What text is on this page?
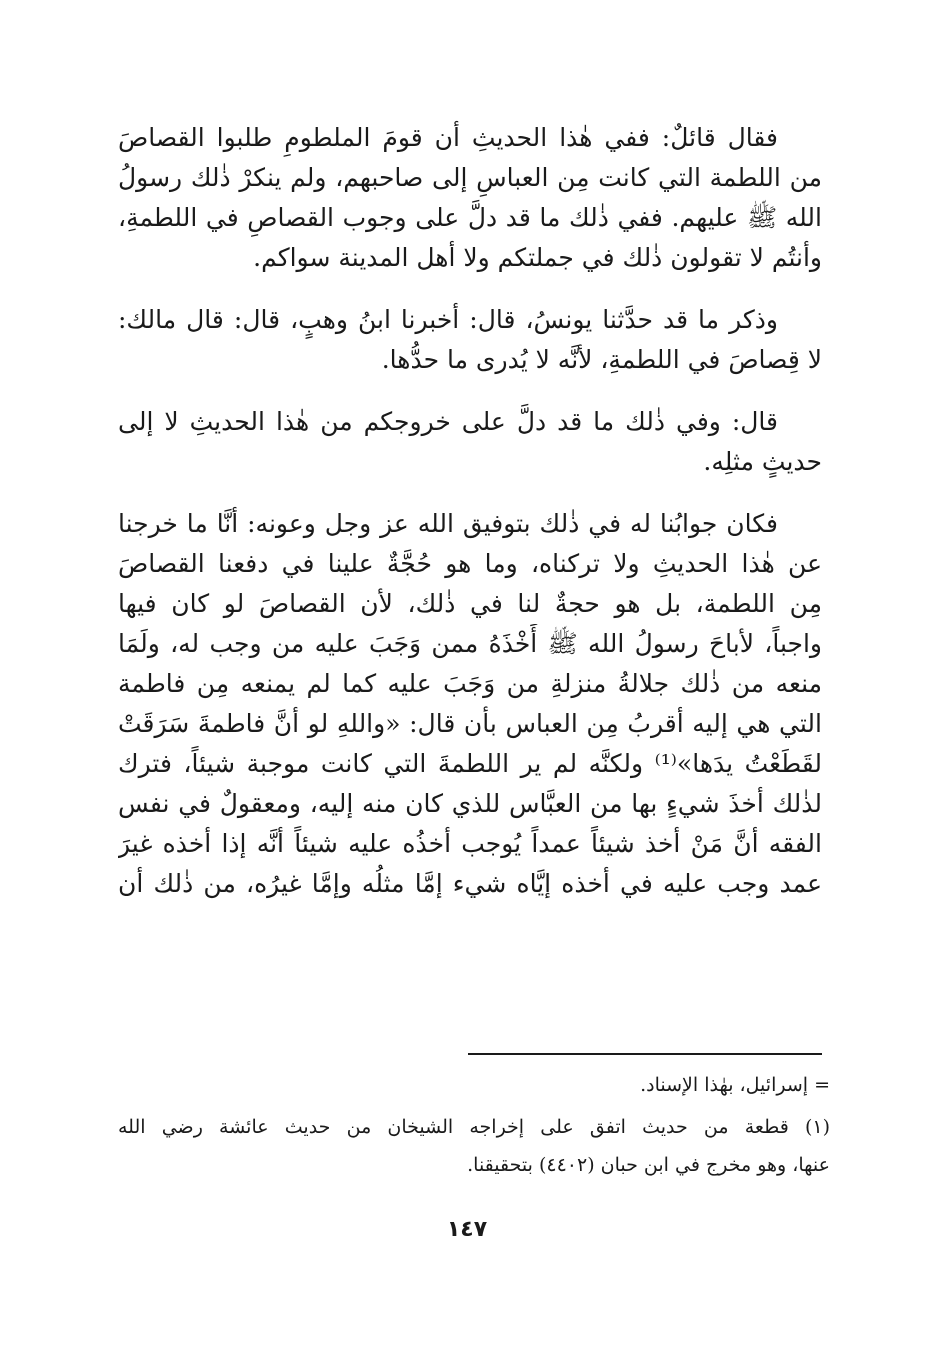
فقال قائلٌ: ففي هٰذا الحديثِ أن قومَ الملطومِ طلبوا القصاصَ
من اللطمة التي كانت مِن العباسِ إلى صاحبهم، ولم ينكرْ ذٰلك رسولُ
الله ﷺ عليهم. ففي ذٰلك ما قد دلَّ على وجوب القصاصِ في اللطمةِ،
وأنتُم لا تقولون ذٰلك في جملتكم ولا أهل المدينة سواكم.
وذكر ما قد حدَّثنا يونسُ، قال: أخبرنا ابنُ وهبٍ، قال: قال مالك:
لا قِصاصَ في اللطمةِ، لأنَّه لا يُدرى ما حدُّها.
قال: وفي ذٰلك ما قد دلَّ على خروجكم من هٰذا الحديثِ لا إلى
حديثٍ مثلِه.
فكان جوابُنا له في ذٰلك بتوفيق الله عز وجل وعونه: أنَّا ما خرجنا
عن هٰذا الحديثِ ولا تركناه، وما هو حُجَّةٌ علينا في دفعنا القصاصَ
مِن اللطمة، بل هو حجةٌ لنا في ذٰلك، لأن القصاصَ لو كان فيها
واجباً، لأباحَ رسولُ الله ﷺ أَخْذَهُ ممن وَجَبَ عليه من وجب له، ولَمَا
منعه من ذٰلك جلالةُ منزلةِ من وَجَبَ عليه كما لم يمنعه مِن فاطمة
التي هي إليه أقربُ مِن العباس بأن قال: «واللهِ لو أنَّ فاطمةَ سَرَقَتْ
لقَطَعْتُ يدَها»⁽¹⁾ ولكنَّه لم ير اللطمةَ التي كانت موجبة شيئاً، فترك
لذٰلك أخذَ شيءٍ بها من العبَّاس للذي كان منه إليه، ومعقولٌ في نفس
الفقه أنَّ مَنْ أخذ شيئاً عمداً يُوجب أخذُه عليه شيئاً أنَّه إذا أخذه غيرَ
عمد وجب عليه في أخذه إيَّاه شيء إمَّا مثلُه وإمَّا غيرُه، من ذٰلك أن
= إسرائيل، بهٰذا الإسناد.
(١) قطعة من حديث اتفق على إخراجه الشيخان من حديث عائشة رضي الله
عنها، وهو مخرج في ابن حبان (٤٤٠٢) بتحقيقنا.
١٤٧
